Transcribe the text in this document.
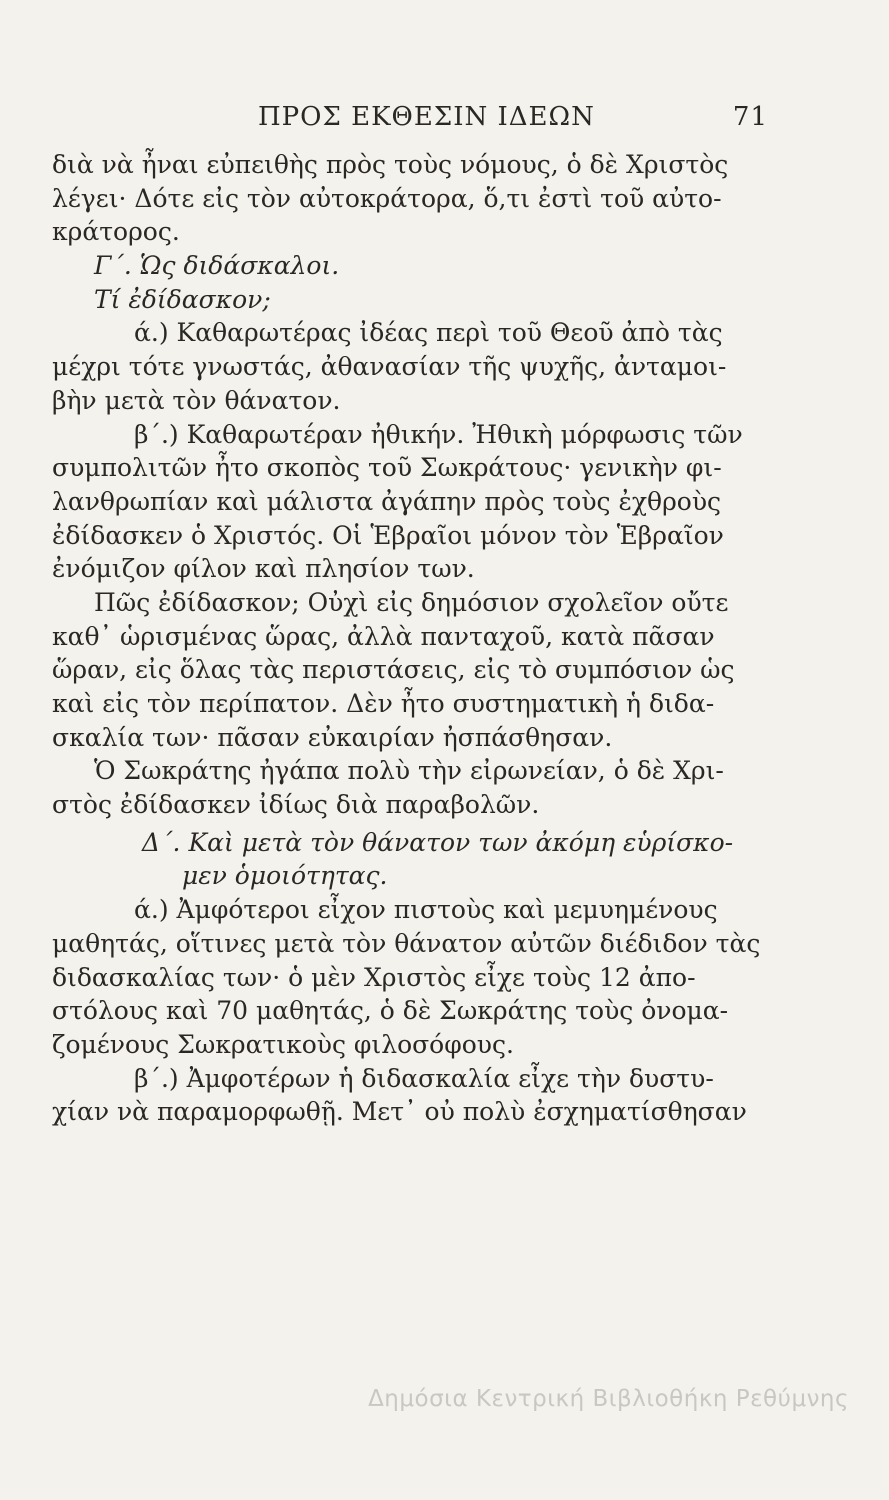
ΠΡΟΣ ΕΚΘΕΣΙΝ ΙΔΕΩΝ	71
διὰ νὰ ἦναι εὐπειθὴς πρὸς τοὺς νόμους, ὁ δὲ Χριστὸς
λέγει· Δότε εἰς τὸν αὐτοκράτορα, ὅ,τι ἐστὶ τοῦ αὐτο-
κράτορος.
Γ΄. Ὡς διδάσκαλοι.
Τί ἐδίδασκον;
ά.) Καθαρωτέρας ἰδέας περὶ τοῦ Θεοῦ ἀπὸ τὰς
μέχρι τότε γνωστάς, ἀθανασίαν τῆς ψυχῆς, ἀνταμοι-
βὴν μετὰ τὸν θάνατον.
β΄.) Καθαρωτέραν ἠθικήν. Ἠθικὴ μόρφωσις τῶν
συμπολιτῶν ἦτο σκοπὸς τοῦ Σωκράτους· γενικὴν φι-
λανθρωπίαν καὶ μάλιστα ἀγάπην πρὸς τοὺς ἐχθροὺς
ἐδίδασκεν ὁ Χριστός. Οἱ Ἑβραῖοι μόνον τὸν Ἑβραῖον
ἐνόμιζον φίλον καὶ πλησίον των.
Πῶς ἐδίδασκον; Οὐχὶ εἰς δημόσιον σχολεῖον οὔτε
καθ᾽ ὡρισμένας ὥρας, ἀλλὰ πανταχοῦ, κατὰ πᾶσαν
ὥραν, εἰς ὅλας τὰς περιστάσεις, εἰς τὸ συμπόσιον ὡς
καὶ εἰς τὸν περίπατον. Δὲν ἦτο συστηματικὴ ἡ διδα-
σκαλία των· πᾶσαν εὐκαιρίαν ἠσπάσθησαν.
Ὁ Σωκράτης ἠγάπα πολὺ τὴν εἰρωνείαν, ὁ δὲ Χρι-
στὸς ἐδίδασκεν ἰδίως διὰ παραβολῶν.
Δ΄. Καὶ μετὰ τὸν θάνατον των ἀκόμη εὑρίσκο-
μεν ὁμοιότητας.
ά.) Ἀμφότεροι εἶχον πιστοὺς καὶ μεμυημένους
μαθητάς, οἵτινες μετὰ τὸν θάνατον αὐτῶν διέδιδον τὰς
διδασκαλίας των· ὁ μὲν Χριστὸς εἶχε τοὺς 12 ἀπο-
στόλους καὶ 70 μαθητάς, ὁ δὲ Σωκράτης τοὺς ὀνομα-
ζομένους Σωκρατικοὺς φιλοσόφους.
β΄.) Ἀμφοτέρων ἡ διδασκαλία εἶχε τὴν δυστυ-
χίαν νὰ παραμορφωθῇ. Μετ᾽ οὐ πολὺ ἐσχηματίσθησαν
Δημόσια Κεντρική Βιβλιοθήκη Ρεθύμνης
